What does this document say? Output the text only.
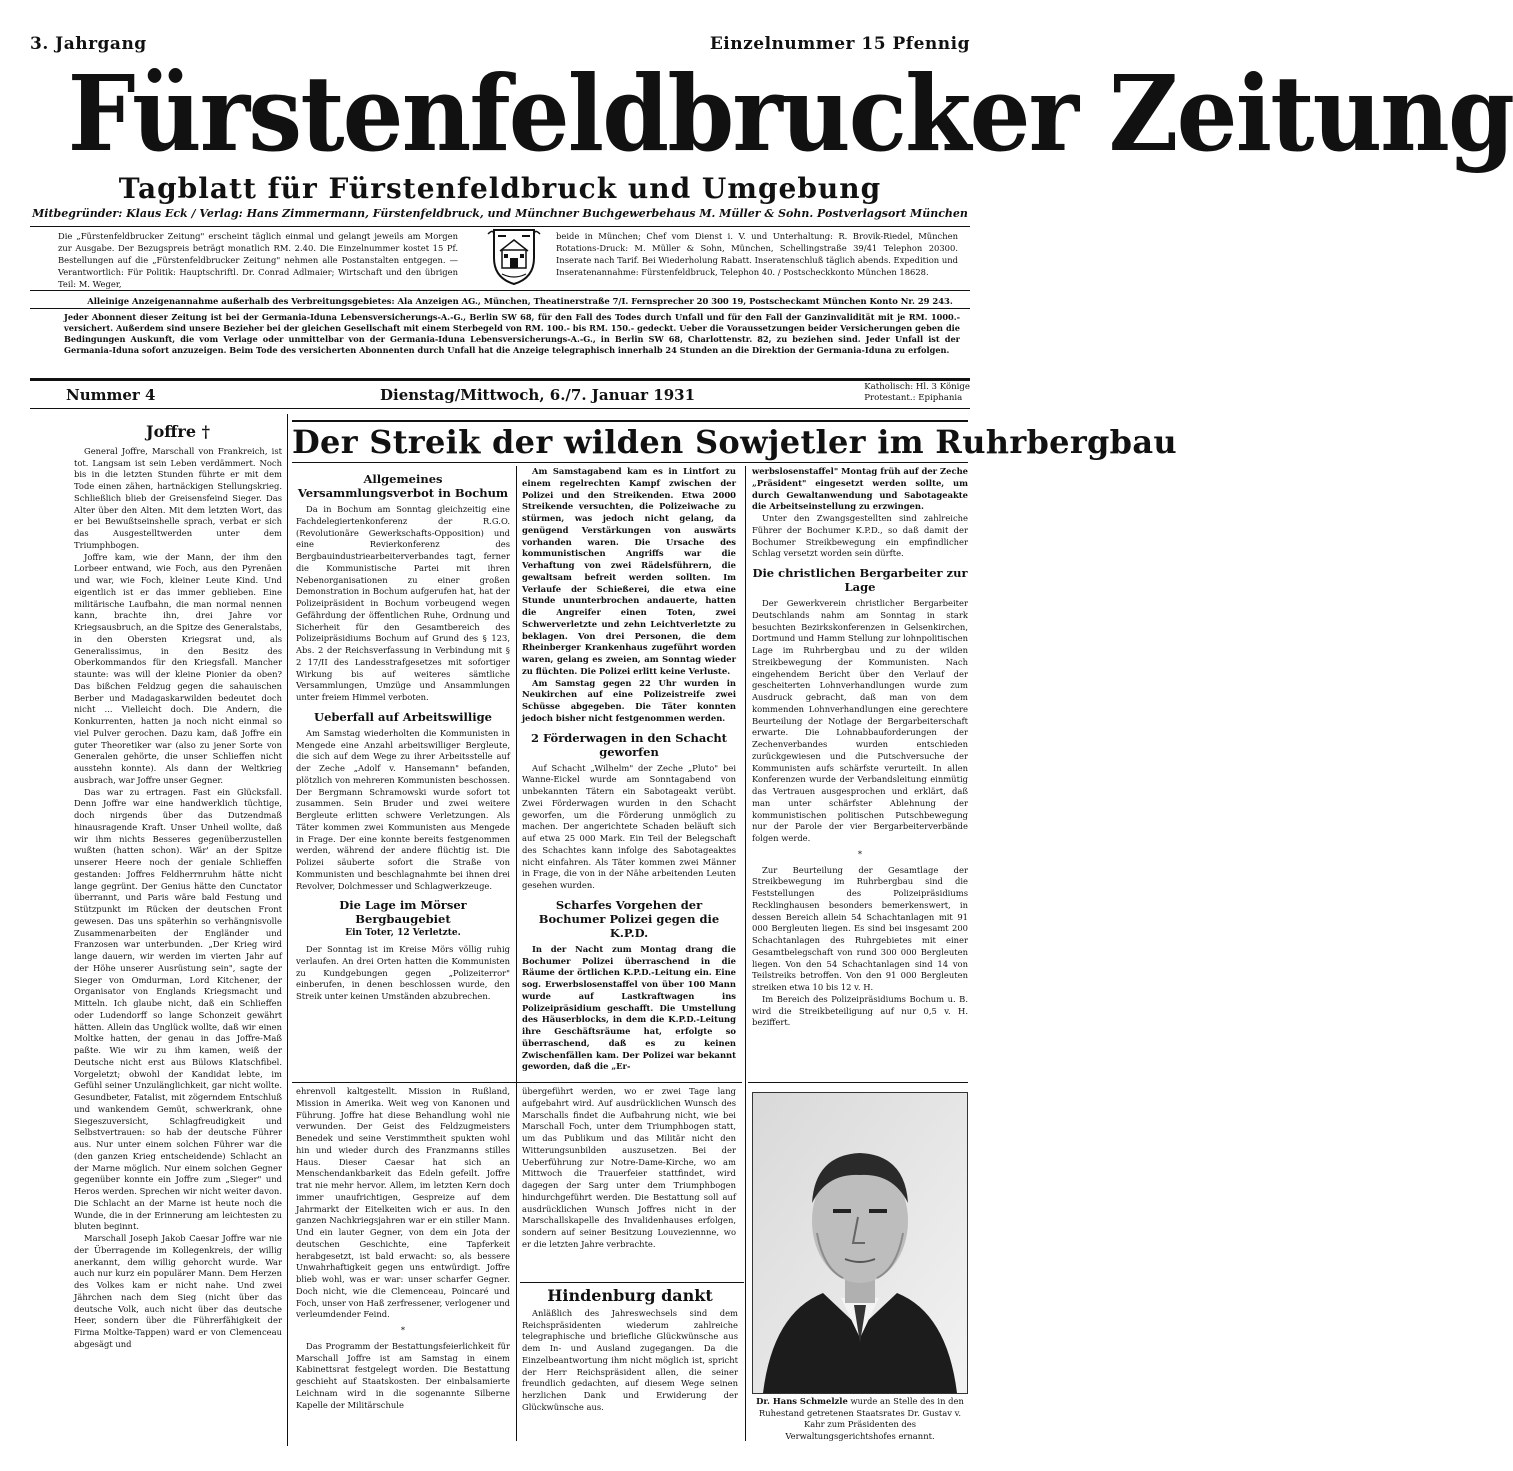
3. Jahrgang	Einzelnummer 15 Pfennig
Fürstenfeldbrucker Zeitung
Tagblatt für Fürstenfeldbruck und Umgebung
Mitbegründer: Klaus Eck / Verlag: Hans Zimmermann, Fürstenfeldbruck, und Münchner Buchgewerbehaus M. Müller & Sohn. Postverlagsort München
Die „Fürstenfeldbrucker Zeitung" erscheint täglich einmal und gelangt jeweils am Morgen zur Ausgabe. Der Bezugspreis beträgt monatlich RM. 2.40. Die Einzelnummer kostet 15 Pf. Bestellungen auf die „Fürstenfeldbrucker Zeitung" nehmen alle Postanstalten entgegen. — Verantwortlich: Für Politik: Hauptschriftl. Dr. Conrad Adlmaier; Wirtschaft und den übrigen Teil: M. Weger,
beide in München; Chef vom Dienst i. V. und Unterhaltung: R. Brovik-Riedel, München Rotations-Druck: M. Müller & Sohn, München, Schellingstraße 39/41 Telephon 20300. Inserate nach Tarif. Bei Wiederholung Rabatt. Inseratenschluß täglich abends. Expedition und Inseratenannahme: Fürstenfeldbruck, Telephon 40. / Postscheckkonto München 18628.
Alleinige Anzeigenannahme außerhalb des Verbreitungsgebietes: Ala Anzeigen AG., München, Theatinerstraße 7/I. Fernsprecher 20 300 19, Postscheckamt München Konto Nr. 29 243.
Jeder Abonnent dieser Zeitung ist bei der Germania-Iduna Lebensversicherungs-A.-G., Berlin SW 68, für den Fall des Todes durch Unfall und für den Fall der Ganzinvalidität mit je RM. 1000.- versichert. Außerdem sind unsere Bezieher bei der gleichen Gesellschaft mit einem Sterbegeld von RM. 100.- bis RM. 150.- gedeckt. Ueber die Voraussetzungen beider Versicherungen geben die Bedingungen Auskunft, die vom Verlage oder unmittelbar von der Germania-Iduna Lebensversicherungs-A.-G., in Berlin SW 68, Charlottenstr. 82, zu beziehen sind. Jeder Unfall ist der Germania-Iduna sofort anzuzeigen. Beim Tode des versicherten Abonnenten durch Unfall hat die Anzeige telegraphisch innerhalb 24 Stunden an die Direktion der Germania-Iduna zu erfolgen.
Nummer 4	Dienstag/Mittwoch, 6./7. Januar 1931	Katholisch: Hl. 3 Könige
Protestant.: Epiphania
Joffre †

General Joffre, Marschall von Frankreich, ist tot. Langsam ist sein Leben verdämmert. Noch bis in die letzten Stunden führte er mit dem Tode einen zähen, hartnäckigen Stellungskrieg. Schließlich blieb der Greisensfeind Sieger. Das Alter über den Alten. Mit dem letzten Wort, das er bei Bewußtseinshelle sprach, verbat er sich das Ausgestelltwerden unter dem Triumphbogen.

Joffre kam, wie der Mann, der ihm den Lorbeer entwand, wie Foch, aus den Pyrenäen und war, wie Foch, kleiner Leute Kind. Und eigentlich ist er das immer geblieben. Eine militärische Laufbahn, die man normal nennen kann, brachte ihn, drei Jahre vor Kriegsausbruch, an die Spitze des Generalstabs, in den Obersten Kriegsrat und, als Generalissimus, in den Besitz des Oberkommandos für den Kriegsfall. Mancher staunte: was will der kleine Pionier da oben? Das bißchen Feldzug gegen die sahauischen Berber und Madagaskarwilden bedeutet doch nicht ... Vielleicht doch. Die Andern, die Konkurrenten, hatten ja noch nicht einmal so viel Pulver gerochen. Dazu kam, daß Joffre ein guter Theoretiker war (also zu jener Sorte von Generalen gehörte, die unser Schlieffen nicht ausstehn konnte). Als dann der Weltkrieg ausbrach, war Joffre unser Gegner.

Das war zu ertragen. Fast ein Glücksfall. Denn Joffre war eine handwerklich tüchtige, doch nirgends über das Dutzendmaß hinausragende Kraft. Unser Unheil wollte, daß wir ihm nichts Besseres gegenüberzustellen wußten (hatten schon). Wär' an der Spitze unserer Heere noch der geniale Schlieffen gestanden: Joffres Feldherrnruhm hätte nicht lange gegrünt. Der Genius hätte den Cunctator überrannt, und Paris wäre bald Festung und Stützpunkt im Rücken der deutschen Front gewesen. Das uns späterhin so verhängnisvolle Zusammenarbeiten der Engländer und Franzosen war unterbunden. „Der Krieg wird lange dauern, wir werden im vierten Jahr auf der Höhe unserer Ausrüstung sein", sagte der Sieger von Omdurman, Lord Kitchener, der Organisator von Englands Kriegsmacht und Mitteln. Ich glaube nicht, daß ein Schlieffen oder Ludendorff so lange Schonzeit gewährt hätten. Allein das Unglück wollte, daß wir einen Moltke hatten, der genau in das Joffre-Maß paßte. Wie wir zu ihm kamen, weiß der Deutsche nicht erst aus Bülows Klatschfibel. Vorgeletzt; obwohl der Kandidat lebte, im Gefühl seiner Unzulänglichkeit, gar nicht wollte. Gesundbeter, Fatalist, mit zögerndem Entschluß und wankendem Gemüt, schwerkrank, ohne Siegeszuversicht, Schlagfreudigkeit und Selbstvertrauen: so hab der deutsche Führer aus. Nur unter einem solchen Führer war die (den ganzen Krieg entscheidende) Schlacht an der Marne möglich. Nur einem solchen Gegner gegenüber konnte ein Joffre zum „Sieger" und Heros werden. Sprechen wir nicht weiter davon. Die Schlacht an der Marne ist heute noch die Wunde, die in der Erinnerung am leichtesten zu bluten beginnt.

Marschall Joseph Jakob Caesar Joffre war nie der Überragende im Kollegenkreis, der willig anerkannt, dem willig gehorcht wurde. War auch nur kurz ein populärer Mann. Dem Herzen des Volkes kam er nicht nahe. Und zwei Jährchen nach dem Sieg (nicht über das deutsche Volk, auch nicht über das deutsche Heer, sondern über die Führerfähigkeit der Firma Moltke-Tappen) ward er von Clemenceau abgesägt und

Der Streik der wilden Sowjetler im Ruhrbergbau
Allgemeines Versammlungsverbot in Bochum

Da in Bochum am Sonntag gleichzeitig eine Fachdelegiertenkonferenz der R.G.O. (Revolutionäre Gewerkschafts-Opposition) und eine Revierkonferenz des Bergbauindustriearbeiterverbandes tagt, ferner die Kommunistische Partei mit ihren Nebenorganisationen zu einer großen Demonstration in Bochum aufgerufen hat, hat der Polizeipräsident in Bochum vorbeugend wegen Gefährdung der öffentlichen Ruhe, Ordnung und Sicherheit für den Gesamtbereich des Polizeipräsidiums Bochum auf Grund des § 123, Abs. 2 der Reichsverfassung in Verbindung mit § 2 17/II des Landesstrafgesetzes mit sofortiger Wirkung bis auf weiteres sämtliche Versammlungen, Umzüge und Ansammlungen unter freiem Himmel verboten.

Ueberfall auf Arbeitswillige

Am Samstag wiederholten die Kommunisten in Mengede eine Anzahl arbeitswilliger Bergleute, die sich auf dem Wege zu ihrer Arbeitsstelle auf der Zeche „Adolf v. Hansemann" befanden, plötzlich von mehreren Kommunisten beschossen. Der Bergmann Schramowski wurde sofort tot zusammen. Sein Bruder und zwei weitere Bergleute erlitten schwere Verletzungen. Als Täter kommen zwei Kommunisten aus Mengede in Frage. Der eine konnte bereits festgenommen werden, während der andere flüchtig ist. Die Polizei säuberte sofort die Straße von Kommunisten und beschlagnahmte bei ihnen drei Revolver, Dolchmesser und Schlagwerkzeuge.

Die Lage im Mörser Bergbaugebiet
Ein Toter, 12 Verletzte.

Der Sonntag ist im Kreise Mörs völlig ruhig verlaufen. An drei Orten hatten die Kommunisten zu Kundgebungen gegen „Polizeiterror" einberufen, in denen beschlossen wurde, den Streik unter keinen Umständen abzubrechen.

Am Samstagabend kam es in Lintfort zu einem regelrechten Kampf zwischen der Polizei und den Streikenden. Etwa 2000 Streikende versuchten, die Polizeiwache zu stürmen, was jedoch nicht gelang, da genügend Verstärkungen von auswärts vorhanden waren. Die Ursache des kommunistischen Angriffs war die Verhaftung von zwei Rädelsführern, die gewaltsam befreit werden sollten. Im Verlaufe der Schießerei, die etwa eine Stunde ununterbrochen andauerte, hatten die Angreifer einen Toten, zwei Schwerverletzte und zehn Leichtverletzte zu beklagen. Von drei Personen, die dem Rheinberger Krankenhaus zugeführt worden waren, gelang es zweien, am Sonntag wieder zu flüchten. Die Polizei erlitt keine Verluste.

Am Samstag gegen 22 Uhr wurden in Neukirchen auf eine Polizeistreife zwei Schüsse abgegeben. Die Täter konnten jedoch bisher nicht festgenommen werden.

2 Förderwagen in den Schacht geworfen

Auf Schacht „Wilhelm" der Zeche „Pluto" bei Wanne-Eickel wurde am Sonntagabend von unbekannten Tätern ein Sabotageakt verübt. Zwei Förderwagen wurden in den Schacht geworfen, um die Förderung unmöglich zu machen. Der angerichtete Schaden beläuft sich auf etwa 25 000 Mark. Ein Teil der Belegschaft des Schachtes kann infolge des Sabotageaktes nicht einfahren. Als Täter kommen zwei Männer in Frage, die von in der Nähe arbeitenden Leuten gesehen wurden.

Scharfes Vorgehen der Bochumer Polizei gegen die K.P.D.

In der Nacht zum Montag drang die Bochumer Polizei überraschend in die Räume der örtlichen K.P.D.-Leitung ein. Eine sog. Erwerbslosenstaffel von über 100 Mann wurde auf Lastkraftwagen ins Polizeipräsidium geschafft. Die Umstellung des Häuserblocks, in dem die K.P.D.-Leitung ihre Geschäftsräume hat, erfolgte so überraschend, daß es zu keinen Zwischenfällen kam. Der Polizei war bekannt geworden, daß die „Er-

werbslosenstaffel" Montag früh auf der Zeche „Präsident" eingesetzt werden sollte, um durch Gewaltanwendung und Sabotageakte die Arbeitseinstellung zu erzwingen.

Unter den Zwangsgestellten sind zahlreiche Führer der Bochumer K.P.D., so daß damit der Bochumer Streikbewegung ein empfindlicher Schlag versetzt worden sein dürfte.

Die christlichen Bergarbeiter zur Lage

Der Gewerkverein christlicher Bergarbeiter Deutschlands nahm am Sonntag in stark besuchten Bezirkskonferenzen in Gelsenkirchen, Dortmund und Hamm Stellung zur lohnpolitischen Lage im Ruhrbergbau und zu der wilden Streikbewegung der Kommunisten. Nach eingehendem Bericht über den Verlauf der gescheiterten Lohnverhandlungen wurde zum Ausdruck gebracht, daß man von dem kommenden Lohnverhandlungen eine gerechtere Beurteilung der Notlage der Bergarbeiterschaft erwarte. Die Lohnabbauforderungen der Zechenverbandes wurden entschieden zurückgewiesen und die Putschversuche der Kommunisten aufs schärfste verurteilt. In allen Konferenzen wurde der Verbandsleitung einmütig das Vertrauen ausgesprochen und erklärt, daß man unter schärfster Ablehnung der kommunistischen politischen Putschbewegung nur der Parole der vier Bergarbeiterverbände folgen werde.

*

Zur Beurteilung der Gesamtlage der Streikbewegung im Ruhrbergbau sind die Feststellungen des Polizeipräsidiums Recklinghausen besonders bemerkenswert, in dessen Bereich allein 54 Schachtanlagen mit 91 000 Bergleuten liegen. Es sind bei insgesamt 200 Schachtanlagen des Ruhrgebietes mit einer Gesamtbelegschaft von rund 300 000 Bergleuten liegen. Von den 54 Schachtanlagen sind 14 von Teilstreiks betroffen. Von den 91 000 Bergleuten streiken etwa 10 bis 12 v. H.

Im Bereich des Polizeipräsidiums Bochum u. B. wird die Streikbeteiligung auf nur 0,5 v. H. beziffert.

ehrenvoll kaltgestellt. Mission in Rußland, Mission in Amerika. Weit weg von Kanonen und Führung. Joffre hat diese Behandlung wohl nie verwunden. Der Geist des Feldzugmeisters Benedek und seine Verstimmtheit spukten wohl hin und wieder durch des Franzmanns stilles Haus. Dieser Caesar hat sich an Menschendankbarkeit das Edeln gefeilt. Joffre trat nie mehr hervor. Allem, im letzten Kern doch immer unaufrichtigen, Gespreize auf dem Jahrmarkt der Eitelkeiten wich er aus. In den ganzen Nachkriegsjahren war er ein stiller Mann. Und ein lauter Gegner, von dem ein Jota der deutschen Geschichte, eine Tapferkeit herabgesetzt, ist bald erwacht: so, als bessere Unwahrhaftigkeit gegen uns entwürdigt. Joffre blieb wohl, was er war: unser scharfer Gegner. Doch nicht, wie die Clemenceau, Poincaré und Foch, unser von Haß zerfressener, verlogener und verleumdender Feind.

*

Das Programm der Bestattungsfeierlichkeit für Marschall Joffre ist am Samstag in einem Kabinettsrat festgelegt worden. Die Bestattung geschieht auf Staatskosten. Der einbalsamierte Leichnam wird in die sogenannte Silberne Kapelle der Militärschule

übergeführt werden, wo er zwei Tage lang aufgebahrt wird. Auf ausdrücklichen Wunsch des Marschalls findet die Aufbahrung nicht, wie bei Marschall Foch, unter dem Triumphbogen statt, um das Publikum und das Militär nicht den Witterungsunbilden auszusetzen. Bei der Ueberführung zur Notre-Dame-Kirche, wo am Mittwoch die Trauerfeier stattfindet, wird dagegen der Sarg unter dem Triumphbogen hindurchgeführt werden. Die Bestattung soll auf ausdrücklichen Wunsch Joffres nicht in der Marschallskapelle des Invalidenhauses erfolgen, sondern auf seiner Besitzung Louveziennne, wo er die letzten Jahre verbrachte.

Hindenburg dankt

Anläßlich des Jahreswechsels sind dem Reichspräsidenten wiederum zahlreiche telegraphische und briefliche Glückwünsche aus dem In- und Ausland zugegangen. Da die Einzelbeantwortung ihm nicht möglich ist, spricht der Herr Reichspräsident allen, die seiner freundlich gedachten, auf diesem Wege seinen herzlichen Dank und Erwiderung der Glückwünsche aus.

Dr. Hans Schmelzle wurde an Stelle des in den Ruhestand getretenen Staatsrates Dr. Gustav v. Kahr zum Präsidenten des Verwaltungsgerichtshofes ernannt.
